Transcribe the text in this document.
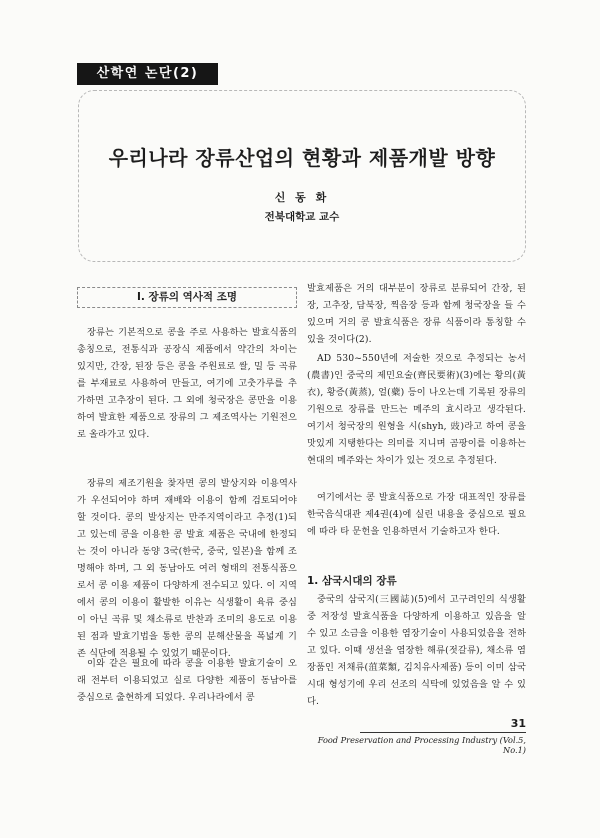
산학연 논단(2)
우리나라 장류산업의 현황과 제품개발 방향
신 동 화
전북대학교 교수
Ⅰ. 장류의 역사적 조명

장류는 기본적으로 콩을 주로 사용하는 발효식품의 총칭으로, 전통식과 공장식 제품에서 약간의 차이는 있지만, 간장, 된장 등은 콩을 주원료로 쌀, 밀 등 곡류를 부재료로 사용하여 만들고, 여기에 고춧가루를 추가하면 고추장이 된다. 그 외에 청국장은 콩만을 이용하여 발효한 제품으로 장류의 그 제조역사는 기원전으로 올라가고 있다.

장류의 제조기원을 찾자면 콩의 발상지와 이용역사가 우선되어야 하며 재배와 이용이 함께 검토되어야 할 것이다. 콩의 발상지는 만주지역이라고 추정(1)되고 있는데 콩을 이용한 콩 발효 제품은 국내에 한정되는 것이 아니라 동양 3국(한국, 중국, 일본)을 함께 조명해야 하며, 그 외 동남아도 여러 형태의 전통식품으로서 콩 이용 제품이 다양하게 전수되고 있다. 이 지역에서 콩의 이용이 활발한 이유는 식생활이 육류 중심이 아닌 곡류 및 채소류로 반찬과 조미의 용도로 이용된 점과 발효기법을 통한 콩의 분해산물을 폭넓게 기존 식단에 적용될 수 있었기 때문이다.

이와 같은 필요에 따라 콩을 이용한 발효기술이 오래 전부터 이용되었고 실로 다양한 제품이 동남아를 중심으로 출현하게 되었다. 우리나라에서 콩

발효제품은 거의 대부분이 장류로 분류되어 간장, 된장, 고추장, 담북장, 찍음장 등과 함께 청국장을 들 수 있으며 거의 콩 발효식품은 장류 식품이라 통칭할 수 있을 것이다(2).

AD 530~550년에 저술한 것으로 추정되는 농서(農書)인 중국의 제민요술(齊民要術)(3)에는 황의(黃衣), 황증(黃蒸), 얼(蘗) 등이 나오는데 기록된 장류의 기원으로 장류를 만드는 메주의 효시라고 생각된다. 여기서 청국장의 원형을 시(shyh, 豉)라고 하여 콩을 맛있게 지탱한다는 의미를 지니며 곰팡이를 이용하는 현대의 메주와는 차이가 있는 것으로 추정된다.

여기에서는 콩 발효식품으로 가장 대표적인 장류를 한국음식대관 제4권(4)에 실린 내용을 중심으로 필요에 따라 타 문헌을 인용하면서 기술하고자 한다.

1. 삼국시대의 장류

중국의 삼국지(三國誌)(5)에서 고구려인의 식생활 중 저장성 발효식품을 다양하게 이용하고 있음을 알 수 있고 소금을 이용한 염장기술이 사용되었음을 전하고 있다. 이때 생선을 염장한 해류(젓갈류), 채소류 염장품인 저채류(菹菜類, 김치유사제품) 등이 이미 삼국시대 형성기에 우리 선조의 식탁에 있었음을 알 수 있다.

31
Food Preservation and Processing Industry (Vol.5, No.1)
